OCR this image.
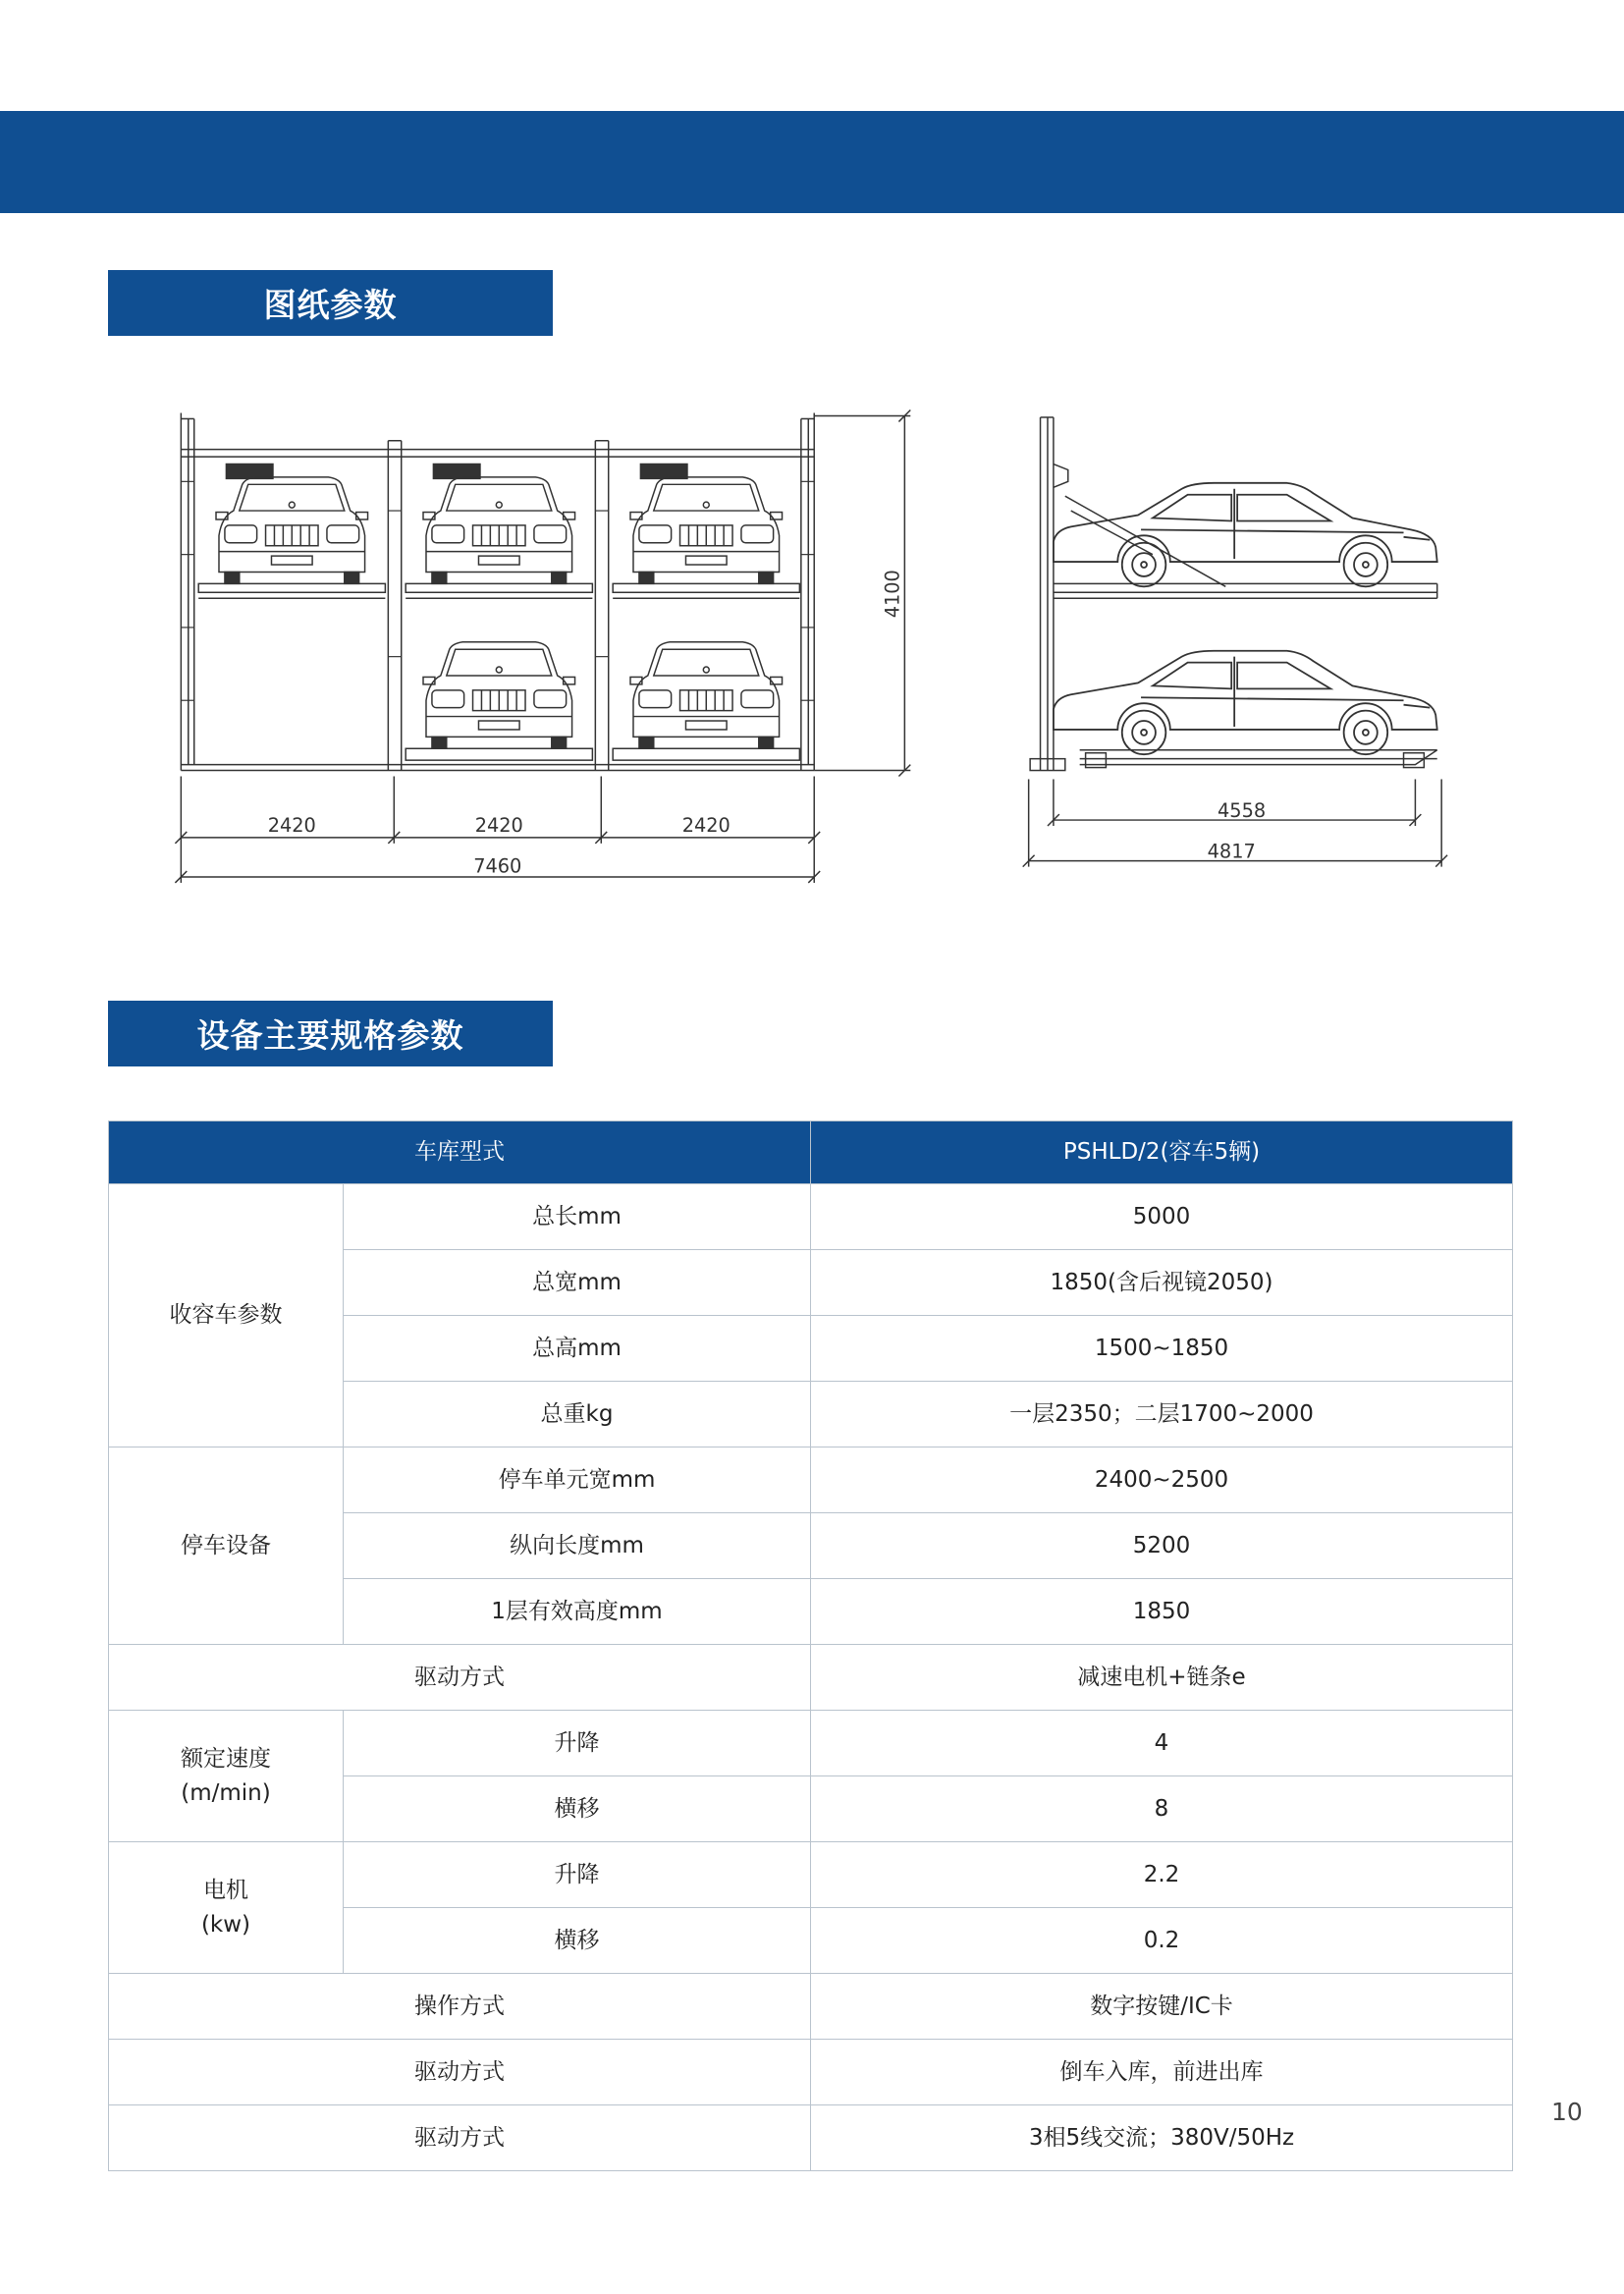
图纸参数
2420	2420	2420
7460
4100
4558
4817
设备主要规格参数
车库型式		PSHLD/2(容车5辆)
收容车参数	总长mm	5000
	总宽mm	1850(含后视镜2050)
	总高mm	1500~1850
	总重kg	一层2350；二层1700~2000
停车设备	停车单元宽mm	2400~2500
	纵向长度mm	5200
	1层有效高度mm	1850
驱动方式		减速电机+链条e
额定速度
(m/min)	升降	4
	横移	8
电机
(kw)	升降	2.2
	横移	0.2
操作方式		数字按键/IC卡
驱动方式		倒车入库，前进出库
驱动方式		3相5线交流；380V/50Hz
10
